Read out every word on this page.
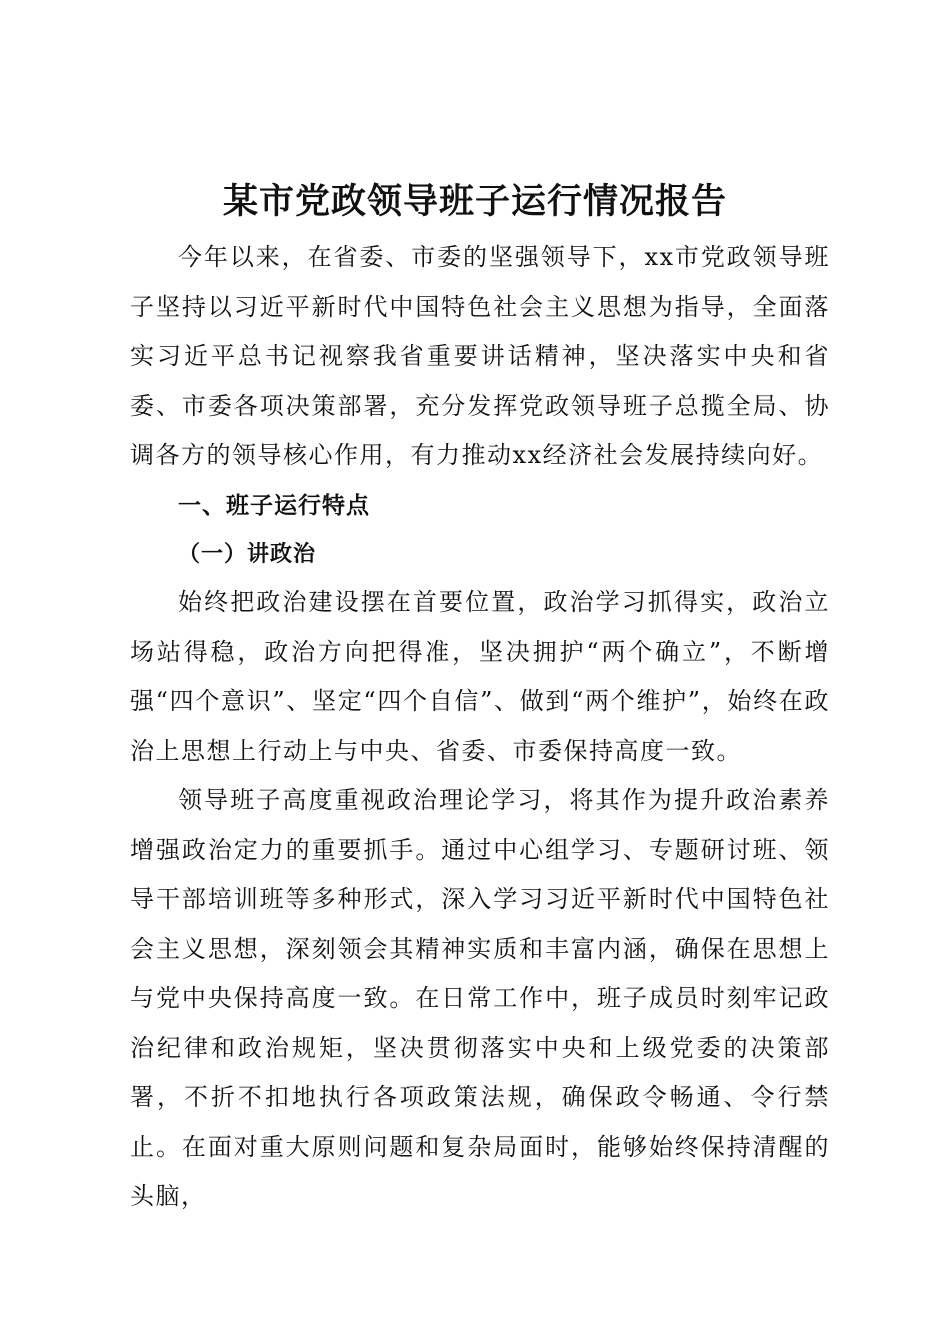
某市党政领导班子运行情况报告

今年以来，在省委、市委的坚强领导下，xx市党政领导班子坚持以习近平新时代中国特色社会主义思想为指导，全面落实习近平总书记视察我省重要讲话精神，坚决落实中央和省委、市委各项决策部署，充分发挥党政领导班子总揽全局、协调各方的领导核心作用，有力推动xx经济社会发展持续向好。

一、班子运行特点
（一）讲政治

始终把政治建设摆在首要位置，政治学习抓得实，政治立场站得稳，政治方向把得准，坚决拥护“两个确立”，不断增强“四个意识”、坚定“四个自信”、做到“两个维护”，始终在政治上思想上行动上与中央、省委、市委保持高度一致。

领导班子高度重视政治理论学习，将其作为提升政治素养增强政治定力的重要抓手。通过中心组学习、专题研讨班、领导干部培训班等多种形式，深入学习习近平新时代中国特色社会主义思想，深刻领会其精神实质和丰富内涵，确保在思想上与党中央保持高度一致。在日常工作中，班子成员时刻牢记政治纪律和政治规矩，坚决贯彻落实中央和上级党委的决策部署，不折不扣地执行各项政策法规，确保政令畅通、令行禁止。在面对重大原则问题和复杂局面时，能够始终保持清醒的头脑，
